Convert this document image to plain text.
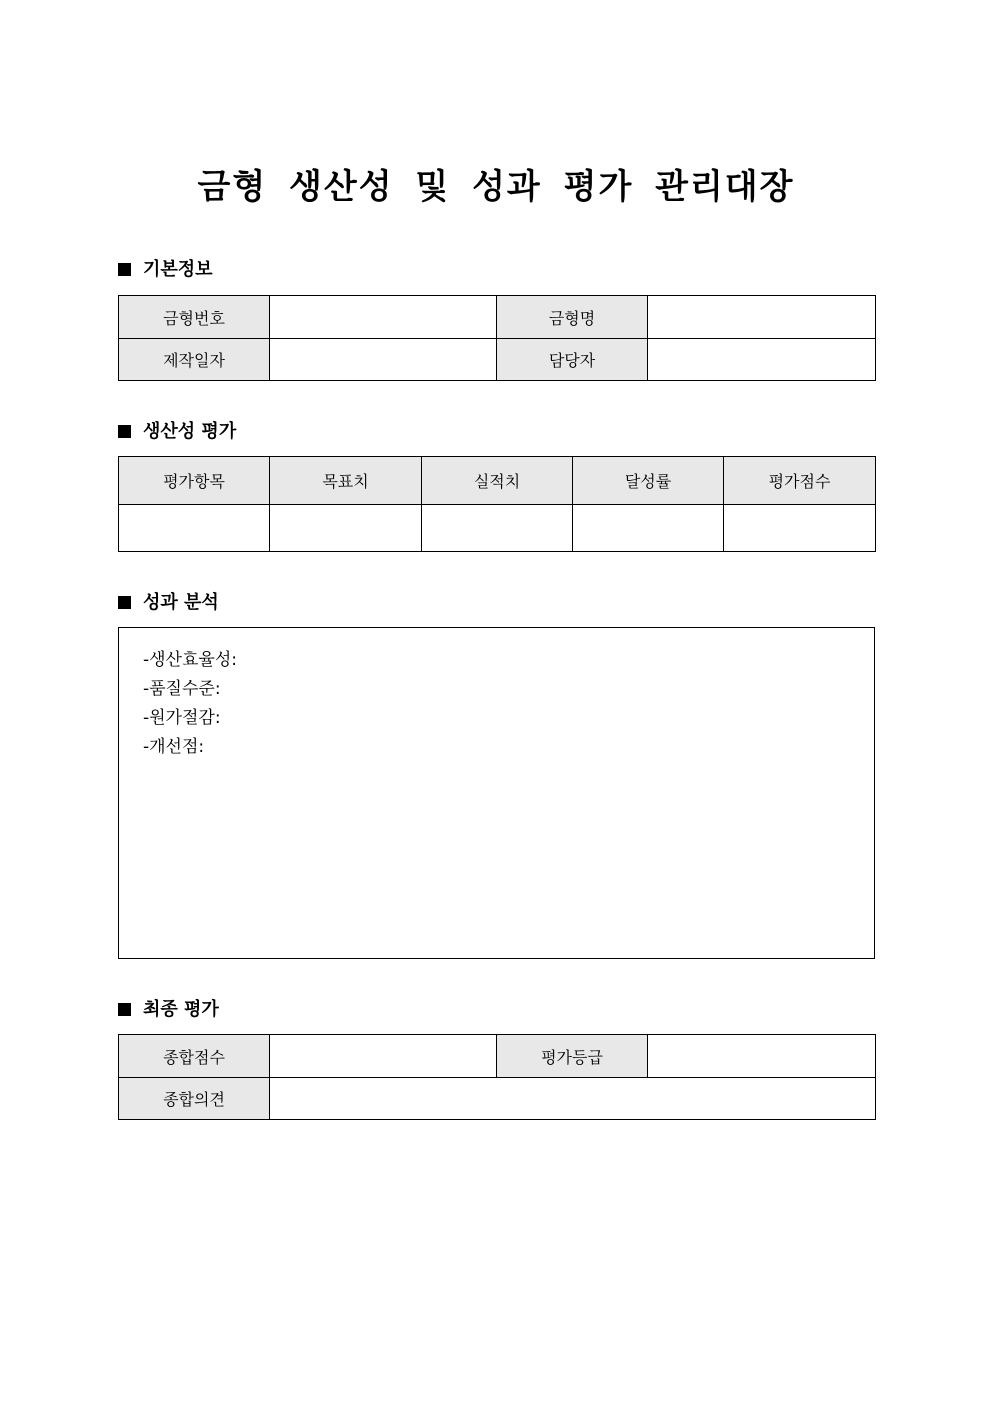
금형 생산성 및 성과 평가 관리대장
기본정보
금형번호		금형명	
제작일자		담당자	
생산성 평가
평가항목	목표치	실적치	달성률	평가점수

성과 분석
-생산효율성:
-품질수준:
-원가절감:
-개선점:
최종 평가
종합점수		평가등급	
종합의견			
